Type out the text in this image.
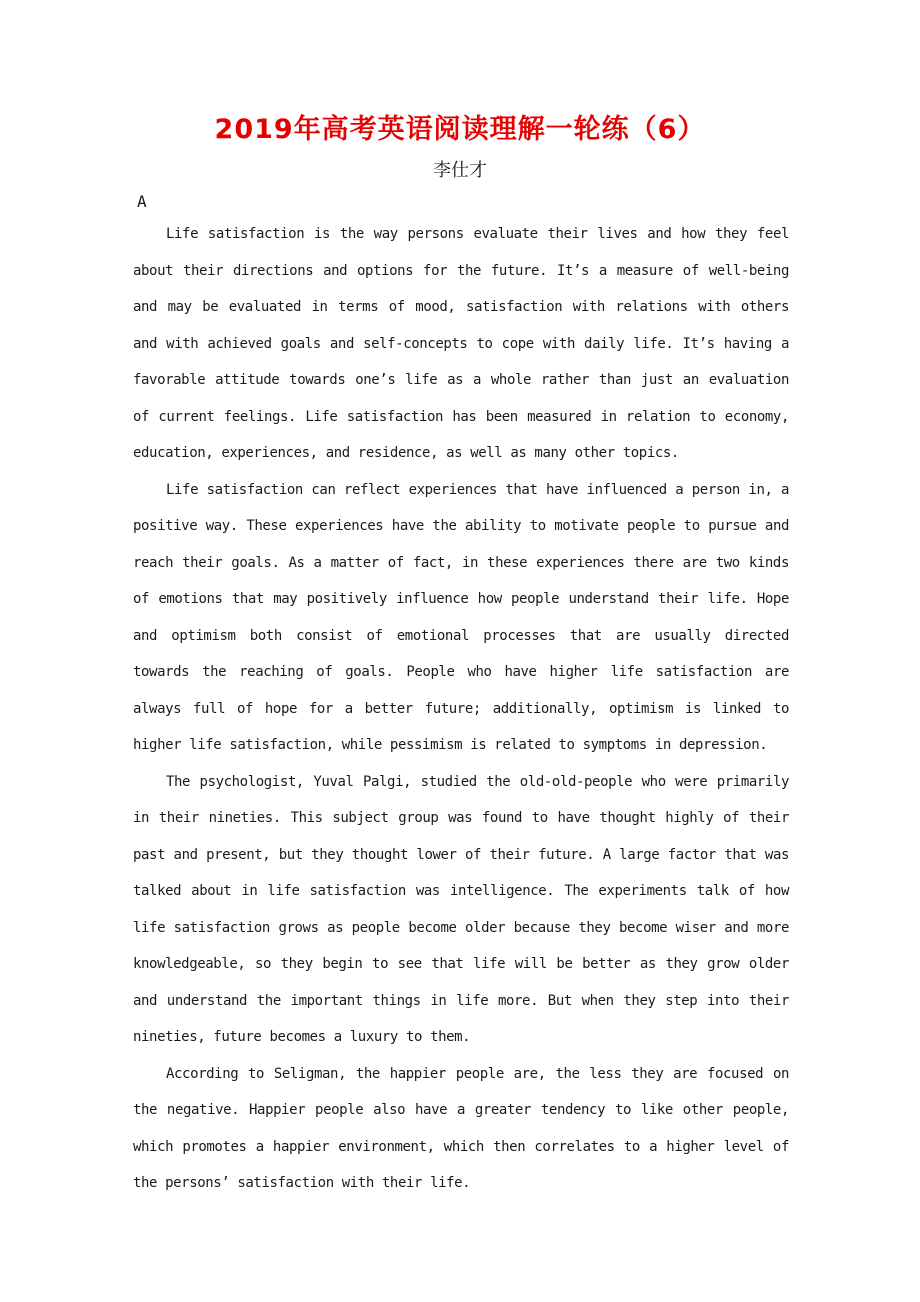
2019年高考英语阅读理解一轮练（6）
李仕才
A

Life satisfaction is the way persons evaluate their lives and how they feel about their directions and options for the future. It’s a measure of well-being and may be evaluated in terms of mood, satisfaction with relations with others and with achieved goals and self-concepts to cope with daily life. It’s having a favorable attitude towards one’s life as a whole rather than just an evaluation of current feelings. Life satisfaction has been measured in relation to economy, education, experiences, and residence, as well as many other topics.

Life satisfaction can reflect experiences that have influenced a person in, a positive way. These experiences have the ability to motivate people to pursue and reach their goals. As a matter of fact, in these experiences there are two kinds of emotions that may positively influence how people understand their life. Hope and optimism both consist of emotional processes that are usually directed towards the reaching of goals. People who have higher life satisfaction are always full of hope for a better future; additionally, optimism is linked to higher life satisfaction, while pessimism is related to symptoms in depression.

The psychologist, Yuval Palgi, studied the old-old-people who were primarily in their nineties. This subject group was found to have thought highly of their past and present, but they thought lower of their future. A large factor that was talked about in life satisfaction was intelligence. The experiments talk of how life satisfaction grows as people become older because they become wiser and more knowledgeable, so they begin to see that life will be better as they grow older and understand the important things in life more. But when they step into their nineties, future becomes a luxury to them.

According to Seligman, the happier people are, the less they are focused on the negative. Happier people also have a greater tendency to like other people, which promotes a happier environment, which then correlates to a higher level of the persons’ satisfaction with their life.
